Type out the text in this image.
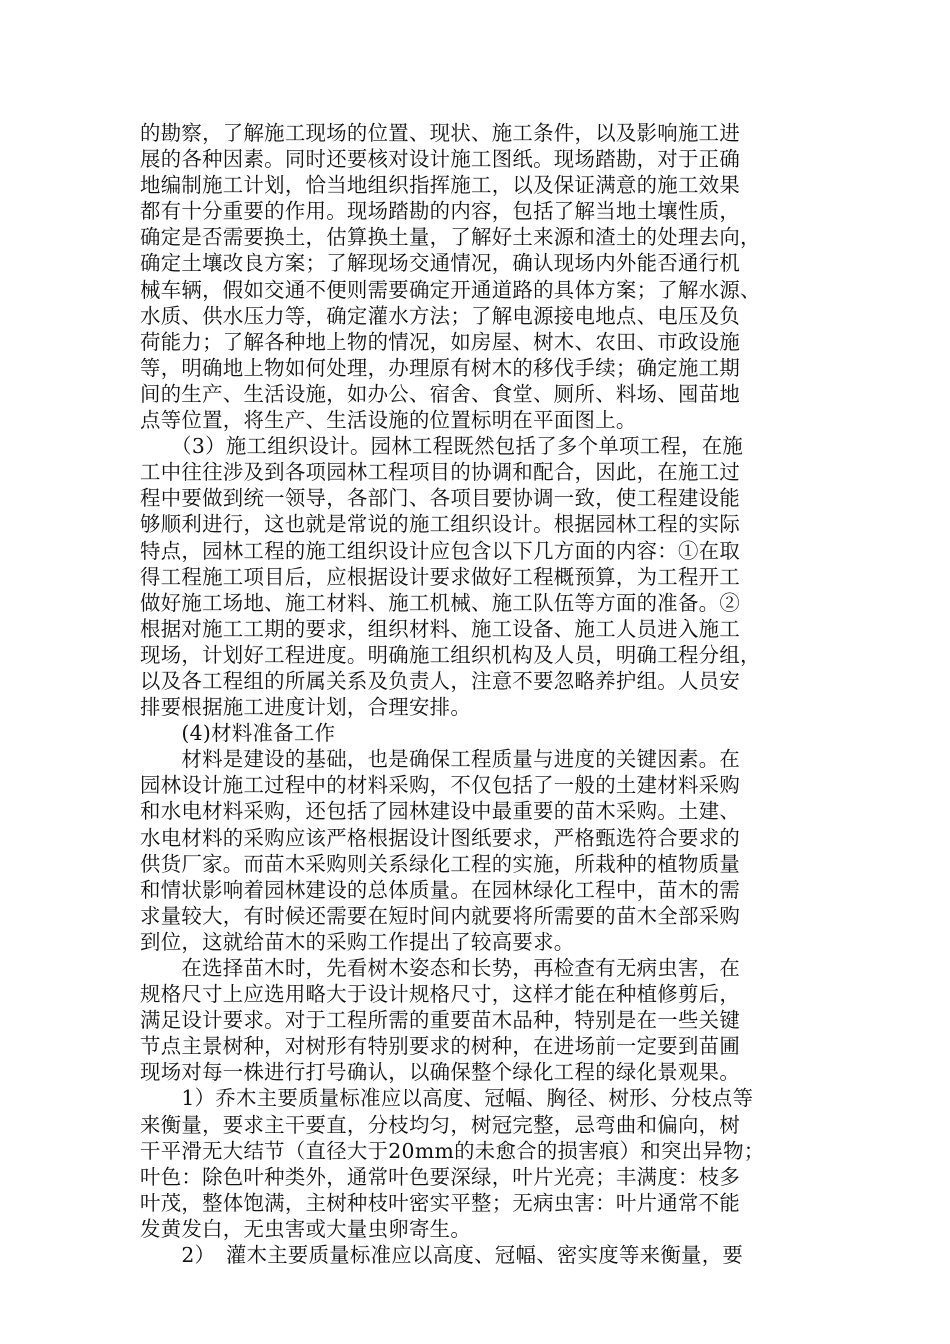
的勘察，了解施工现场的位置、现状、施工条件，以及影响施工进
展的各种因素。同时还要核对设计施工图纸。现场踏勘，对于正确
地编制施工计划，恰当地组织指挥施工，以及保证满意的施工效果
都有十分重要的作用。现场踏勘的内容，包括了解当地土壤性质，
确定是否需要换土，估算换土量，了解好土来源和渣土的处理去向，
确定土壤改良方案；了解现场交通情况，确认现场内外能否通行机
械车辆，假如交通不便则需要确定开通道路的具体方案；了解水源、
水质、供水压力等，确定灌水方法；了解电源接电地点、电压及负
荷能力；了解各种地上物的情况，如房屋、树木、农田、市政设施
等，明确地上物如何处理，办理原有树木的移伐手续；确定施工期
间的生产、生活设施，如办公、宿舍、食堂、厕所、料场、囤苗地
点等位置，将生产、生活设施的位置标明在平面图上。
　　（3）施工组织设计。园林工程既然包括了多个单项工程，在施
工中往往涉及到各项园林工程项目的协调和配合，因此，在施工过
程中要做到统一领导，各部门、各项目要协调一致，使工程建设能
够顺利进行，这也就是常说的施工组织设计。根据园林工程的实际
特点，园林工程的施工组织设计应包含以下几方面的内容：①在取
得工程施工项目后，应根据设计要求做好工程概预算，为工程开工
做好施工场地、施工材料、施工机械、施工队伍等方面的准备。②
根据对施工工期的要求，组织材料、施工设备、施工人员进入施工
现场，计划好工程进度。明确施工组织机构及人员，明确工程分组，
以及各工程组的所属关系及负责人，注意不要忽略养护组。人员安
排要根据施工进度计划，合理安排。
　　(4)材料准备工作
　　材料是建设的基础，也是确保工程质量与进度的关键因素。在
园林设计施工过程中的材料采购，不仅包括了一般的土建材料采购
和水电材料采购，还包括了园林建设中最重要的苗木采购。土建、
水电材料的采购应该严格根据设计图纸要求，严格甄选符合要求的
供货厂家。而苗木采购则关系绿化工程的实施，所栽种的植物质量
和情状影响着园林建设的总体质量。在园林绿化工程中，苗木的需
求量较大，有时候还需要在短时间内就要将所需要的苗木全部采购
到位，这就给苗木的采购工作提出了较高要求。
　　在选择苗木时，先看树木姿态和长势，再检查有无病虫害，在
规格尺寸上应选用略大于设计规格尺寸，这样才能在种植修剪后，
满足设计要求。对于工程所需的重要苗木品种，特别是在一些关键
节点主景树种，对树形有特别要求的树种，在进场前一定要到苗圃
现场对每一株进行打号确认，以确保整个绿化工程的绿化景观果。
　　1）乔木主要质量标准应以高度、冠幅、胸径、树形、分枝点等
来衡量，要求主干要直，分枝均匀，树冠完整，忌弯曲和偏向，树
干平滑无大结节（直径大于20mm的未愈合的损害痕）和突出异物；
叶色：除色叶种类外，通常叶色要深绿，叶片光亮；丰满度：枝多
叶茂，整体饱满，主树种枝叶密实平整；无病虫害：叶片通常不能
发黄发白，无虫害或大量虫卵寄生。
　　2）　灌木主要质量标准应以高度、冠幅、密实度等来衡量，要
